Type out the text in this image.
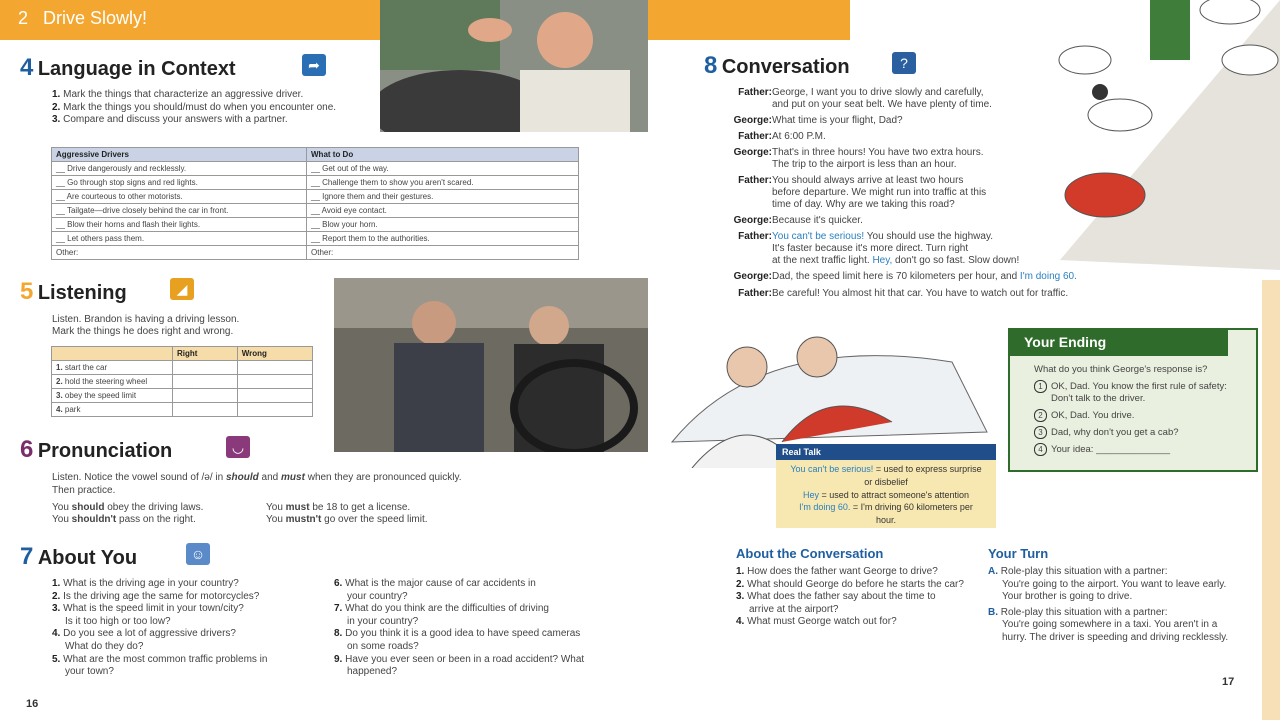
2 Drive Slowly!
4 Language in Context	➦
1. Mark the things that characterize an aggressive driver.
2. Mark the things you should/must do when you encounter one.
3. Compare and discuss your answers with a partner.
Aggressive Drivers	What to Do
__ Drive dangerously and recklessly.	__ Get out of the way.
__ Go through stop signs and red lights.	__ Challenge them to show you aren't scared.
__ Are courteous to other motorists.	__ Ignore them and their gestures.
__ Tailgate—drive closely behind the car in front.	__ Avoid eye contact.
__ Blow their horns and flash their lights.	__ Blow your horn.
__ Let others pass them.	__ Report them to the authorities.
Other:	Other:
5 Listening	◢
Listen. Brandon is having a driving lesson.
Mark the things he does right and wrong.
	Right	Wrong
1. start the car		
2. hold the steering wheel		
3. obey the speed limit		
4. park		
6 Pronunciation	◡
Listen. Notice the vowel sound of /ə/ in should and must when they are pronounced quickly.
Then practice.
You should obey the driving laws.
You shouldn't pass on the right.
You must be 18 to get a license.
You mustn't go over the speed limit.
7 About You	☺
1. What is the driving age in your country?
2. Is the driving age the same for motorcycles?
3. What is the speed limit in your town/city?
Is it too high or too low?
4. Do you see a lot of aggressive drivers?
What do they do?
5. What are the most common traffic problems in
your town?
6. What is the major cause of car accidents in
your country?
7. What do you think are the difficulties of driving
in your country?
8. Do you think it is a good idea to have speed cameras
on some roads?
9. Have you ever seen or been in a road accident? What
happened?
16
8 Conversation	?
Father: George, I want you to drive slowly and carefully,
and put on your seat belt. We have plenty of time.
George: What time is your flight, Dad?
Father: At 6:00 P.M.
George: That's in three hours! You have two extra hours.
The trip to the airport is less than an hour.
Father: You should always arrive at least two hours
before departure. We might run into traffic at this
time of day. Why are we taking this road?
George: Because it's quicker.
Father: You can't be serious! You should use the highway.
It's faster because it's more direct. Turn right
at the next traffic light. Hey, don't go so fast. Slow down!
George: Dad, the speed limit here is 70 kilometers per hour, and I'm doing 60.
Father: Be careful! You almost hit that car. You have to watch out for traffic.
Real Talk
You can't be serious! = used to express surprise
or disbelief
Hey = used to attract someone's attention
I'm doing 60. = I'm driving 60 kilometers per
hour.
Your Ending
What do you think George's response is?
1 OK, Dad. You know the first rule of safety:
Don't talk to the driver.
2 OK, Dad. You drive.
3 Dad, why don't you get a cab?
4 Your idea: ______________
About the Conversation
1. How does the father want George to drive?
2. What should George do before he starts the car?
3. What does the father say about the time to
arrive at the airport?
4. What must George watch out for?
Your Turn
A. Role-play this situation with a partner:
You're going to the airport. You want to leave early.
Your brother is going to drive.
B. Role-play this situation with a partner:
You're going somewhere in a taxi. You aren't in a
hurry. The driver is speeding and driving recklessly.
17
